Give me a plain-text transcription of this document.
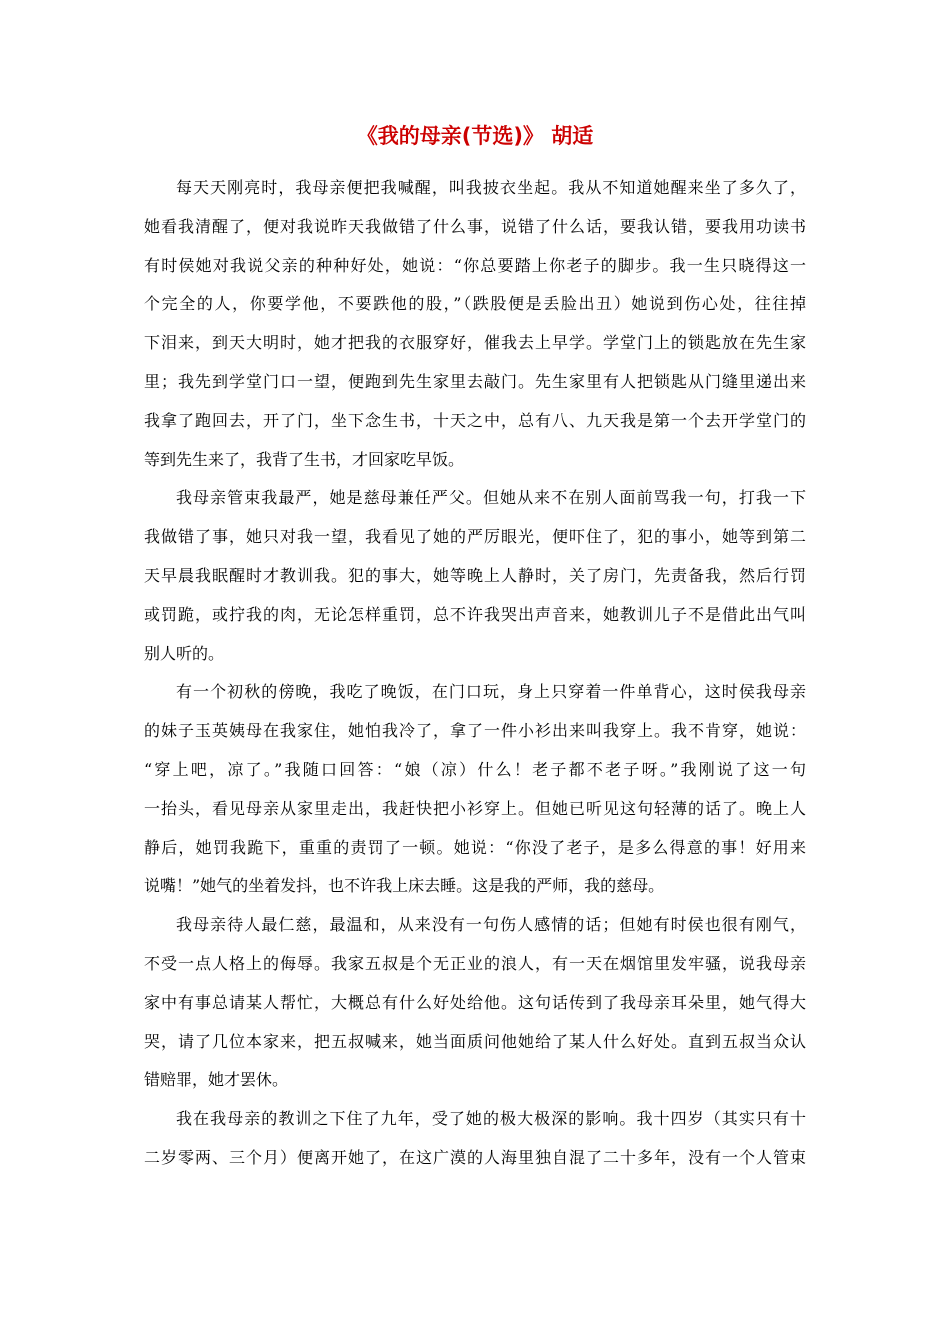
《我的母亲(节选)》 胡适
每天天刚亮时，我母亲便把我喊醒，叫我披衣坐起。我从不知道她醒来坐了多久了，
她看我清醒了，便对我说昨天我做错了什么事，说错了什么话，要我认错，要我用功读书
有时侯她对我说父亲的种种好处，她说：“你总要踏上你老子的脚步。我一生只晓得这一
个完全的人，你要学他，不要跌他的股，”（跌股便是丢脸出丑）她说到伤心处，往往掉
下泪来，到天大明时，她才把我的衣服穿好，催我去上早学。学堂门上的锁匙放在先生家
里；我先到学堂门口一望，便跑到先生家里去敲门。先生家里有人把锁匙从门缝里递出来
我拿了跑回去，开了门，坐下念生书，十天之中，总有八、九天我是第一个去开学堂门的
等到先生来了，我背了生书，才回家吃早饭。
我母亲管束我最严，她是慈母兼任严父。但她从来不在别人面前骂我一句，打我一下
我做错了事，她只对我一望，我看见了她的严厉眼光，便吓住了，犯的事小，她等到第二
天早晨我眠醒时才教训我。犯的事大，她等晚上人静时，关了房门，先责备我，然后行罚
或罚跪，或拧我的肉，无论怎样重罚，总不许我哭出声音来，她教训儿子不是借此出气叫
别人听的。
有一个初秋的傍晚，我吃了晚饭，在门口玩，身上只穿着一件单背心，这时侯我母亲
的妹子玉英姨母在我家住，她怕我冷了，拿了一件小衫出来叫我穿上。我不肯穿，她说：
“穿上吧，凉了。”我随口回答：“娘（凉）什么！老子都不老子呀。”我刚说了这一句
一抬头，看见母亲从家里走出，我赶快把小衫穿上。但她已听见这句轻薄的话了。晚上人
静后，她罚我跪下，重重的责罚了一顿。她说：“你没了老子，是多么得意的事！好用来
说嘴！”她气的坐着发抖，也不许我上床去睡。这是我的严师，我的慈母。
我母亲待人最仁慈，最温和，从来没有一句伤人感情的话；但她有时侯也很有刚气，
不受一点人格上的侮辱。我家五叔是个无正业的浪人，有一天在烟馆里发牢骚，说我母亲
家中有事总请某人帮忙，大概总有什么好处给他。这句话传到了我母亲耳朵里，她气得大
哭，请了几位本家来，把五叔喊来，她当面质问他她给了某人什么好处。直到五叔当众认
错赔罪，她才罢休。
我在我母亲的教训之下住了九年，受了她的极大极深的影响。我十四岁（其实只有十
二岁零两、三个月）便离开她了，在这广漠的人海里独自混了二十多年，没有一个人管束
